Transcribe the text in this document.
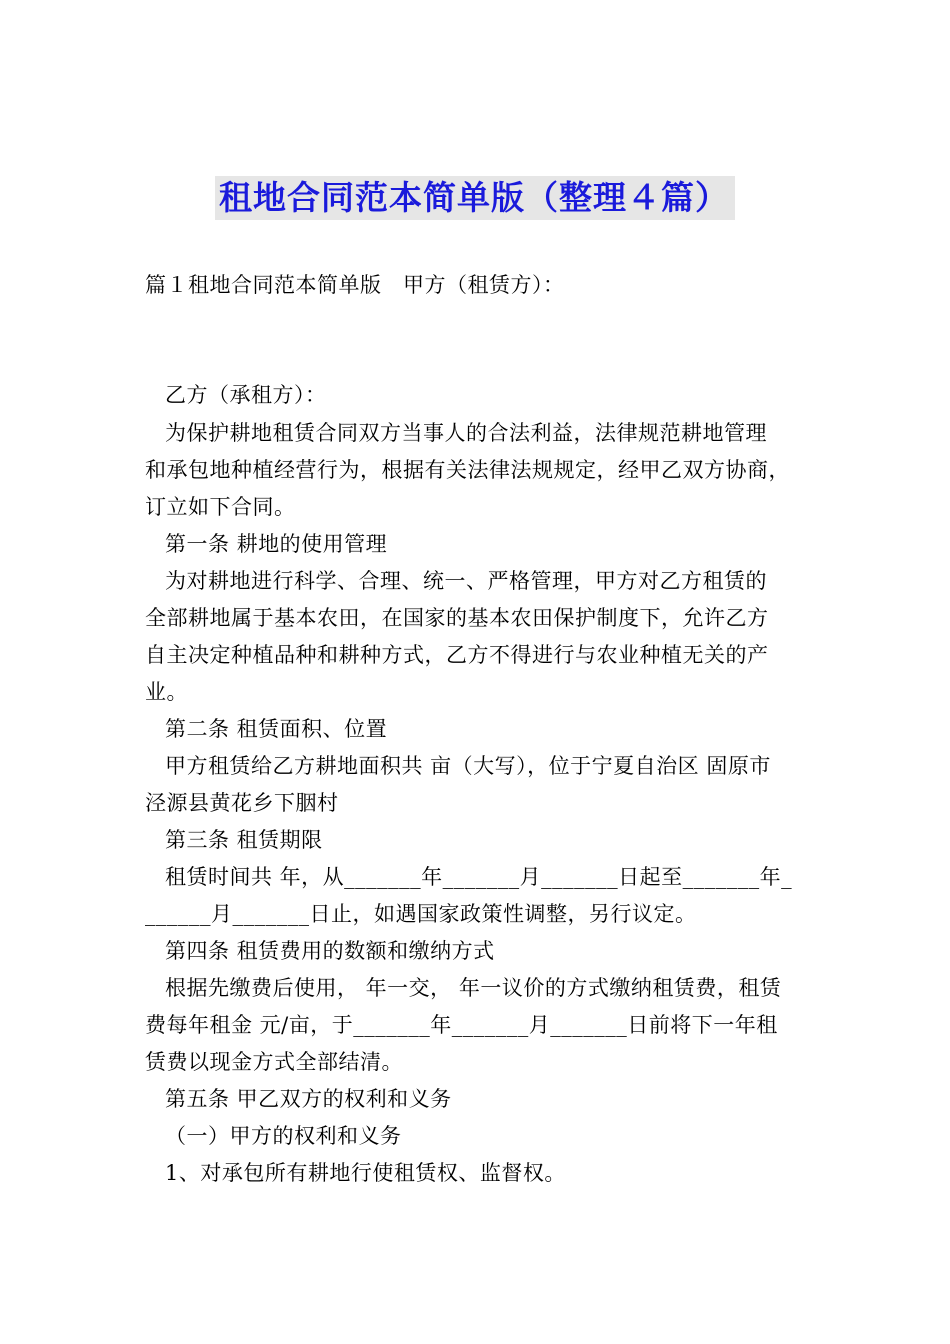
租地合同范本简单版（整理４篇）
篇１租地合同范本简单版　甲方（租赁方）：
乙方（承租方）：
为保护耕地租赁合同双方当事人的合法利益，法律规范耕地管理
和承包地种植经营行为，根据有关法律法规规定，经甲乙双方协商，
订立如下合同。
第一条 耕地的使用管理
为对耕地进行科学、合理、统一、严格管理，甲方对乙方租赁的
全部耕地属于基本农田，在国家的基本农田保护制度下，允许乙方
自主决定种植品种和耕种方式，乙方不得进行与农业种植无关的产
业。
第二条 租赁面积、位置
甲方租赁给乙方耕地面积共 亩（大写），位于宁夏自治区 固原市
泾源县黄花乡下胭村
第三条 租赁期限
租赁时间共 年，从_______年_______月_______日起至_______年_
______月_______日止，如遇国家政策性调整，另行议定。
第四条 租赁费用的数额和缴纳方式
根据先缴费后使用， 年一交， 年一议价的方式缴纳租赁费，租赁
费每年租金 元/亩，于_______年_______月_______日前将下一年租
赁费以现金方式全部结清。
第五条 甲乙双方的权利和义务
（一）甲方的权利和义务
1、对承包所有耕地行使租赁权、监督权。
